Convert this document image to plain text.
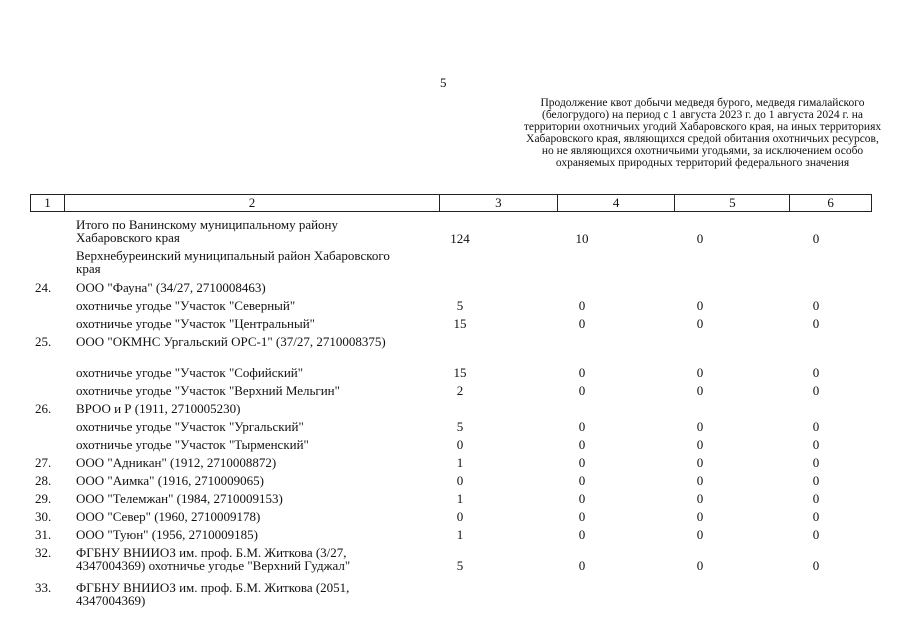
5
Продолжение квот добычи медведя бурого, медведя гималайского (белогрудого) на период с 1 августа 2023 г. до 1 августа 2024 г. на территории охотничьих угодий Хабаровского края, на иных территориях Хабаровского края, являющихся средой обитания охотничьих ресурсов, но не являющихся охотничьими угодьями, за исключением особо охраняемых природных территорий федерального значения
1	2	3	4	5	6
Итого по Ванинскому муниципальному району Хабаровского края	124	10	0	0
Верхнебуреинский муниципальный район Хабаровского края
24.	ООО "Фауна" (34/27, 2710008463)
охотничье угодье "Участок "Северный"	5	0	0	0
охотничье угодье "Участок "Центральный"	15	0	0	0
25.	ООО "ОКМНС Ургальский ОРС-1" (37/27, 2710008375)
охотничье угодье "Участок "Софийский"	15	0	0	0
охотничье угодье "Участок "Верхний Мельгин"	2	0	0	0
26.	ВРОО и Р (1911, 2710005230)
охотничье угодье "Участок "Ургальский"	5	0	0	0
охотничье угодье "Участок "Тырменский"	0	0	0	0
27.	ООО "Адникан" (1912, 2710008872)	1	0	0	0
28.	ООО "Аимка" (1916, 2710009065)	0	0	0	0
29.	ООО "Телемжан" (1984, 2710009153)	1	0	0	0
30.	ООО "Север" (1960, 2710009178)	0	0	0	0
31.	ООО "Туюн" (1956, 2710009185)	1	0	0	0
32.	ФГБНУ ВНИИОЗ им. проф. Б.М. Житкова (3/27, 4347004369) охотничье угодье "Верхний Гуджал"	5	0	0	0
33.	ФГБНУ ВНИИОЗ им. проф. Б.М. Житкова (2051, 4347004369)
